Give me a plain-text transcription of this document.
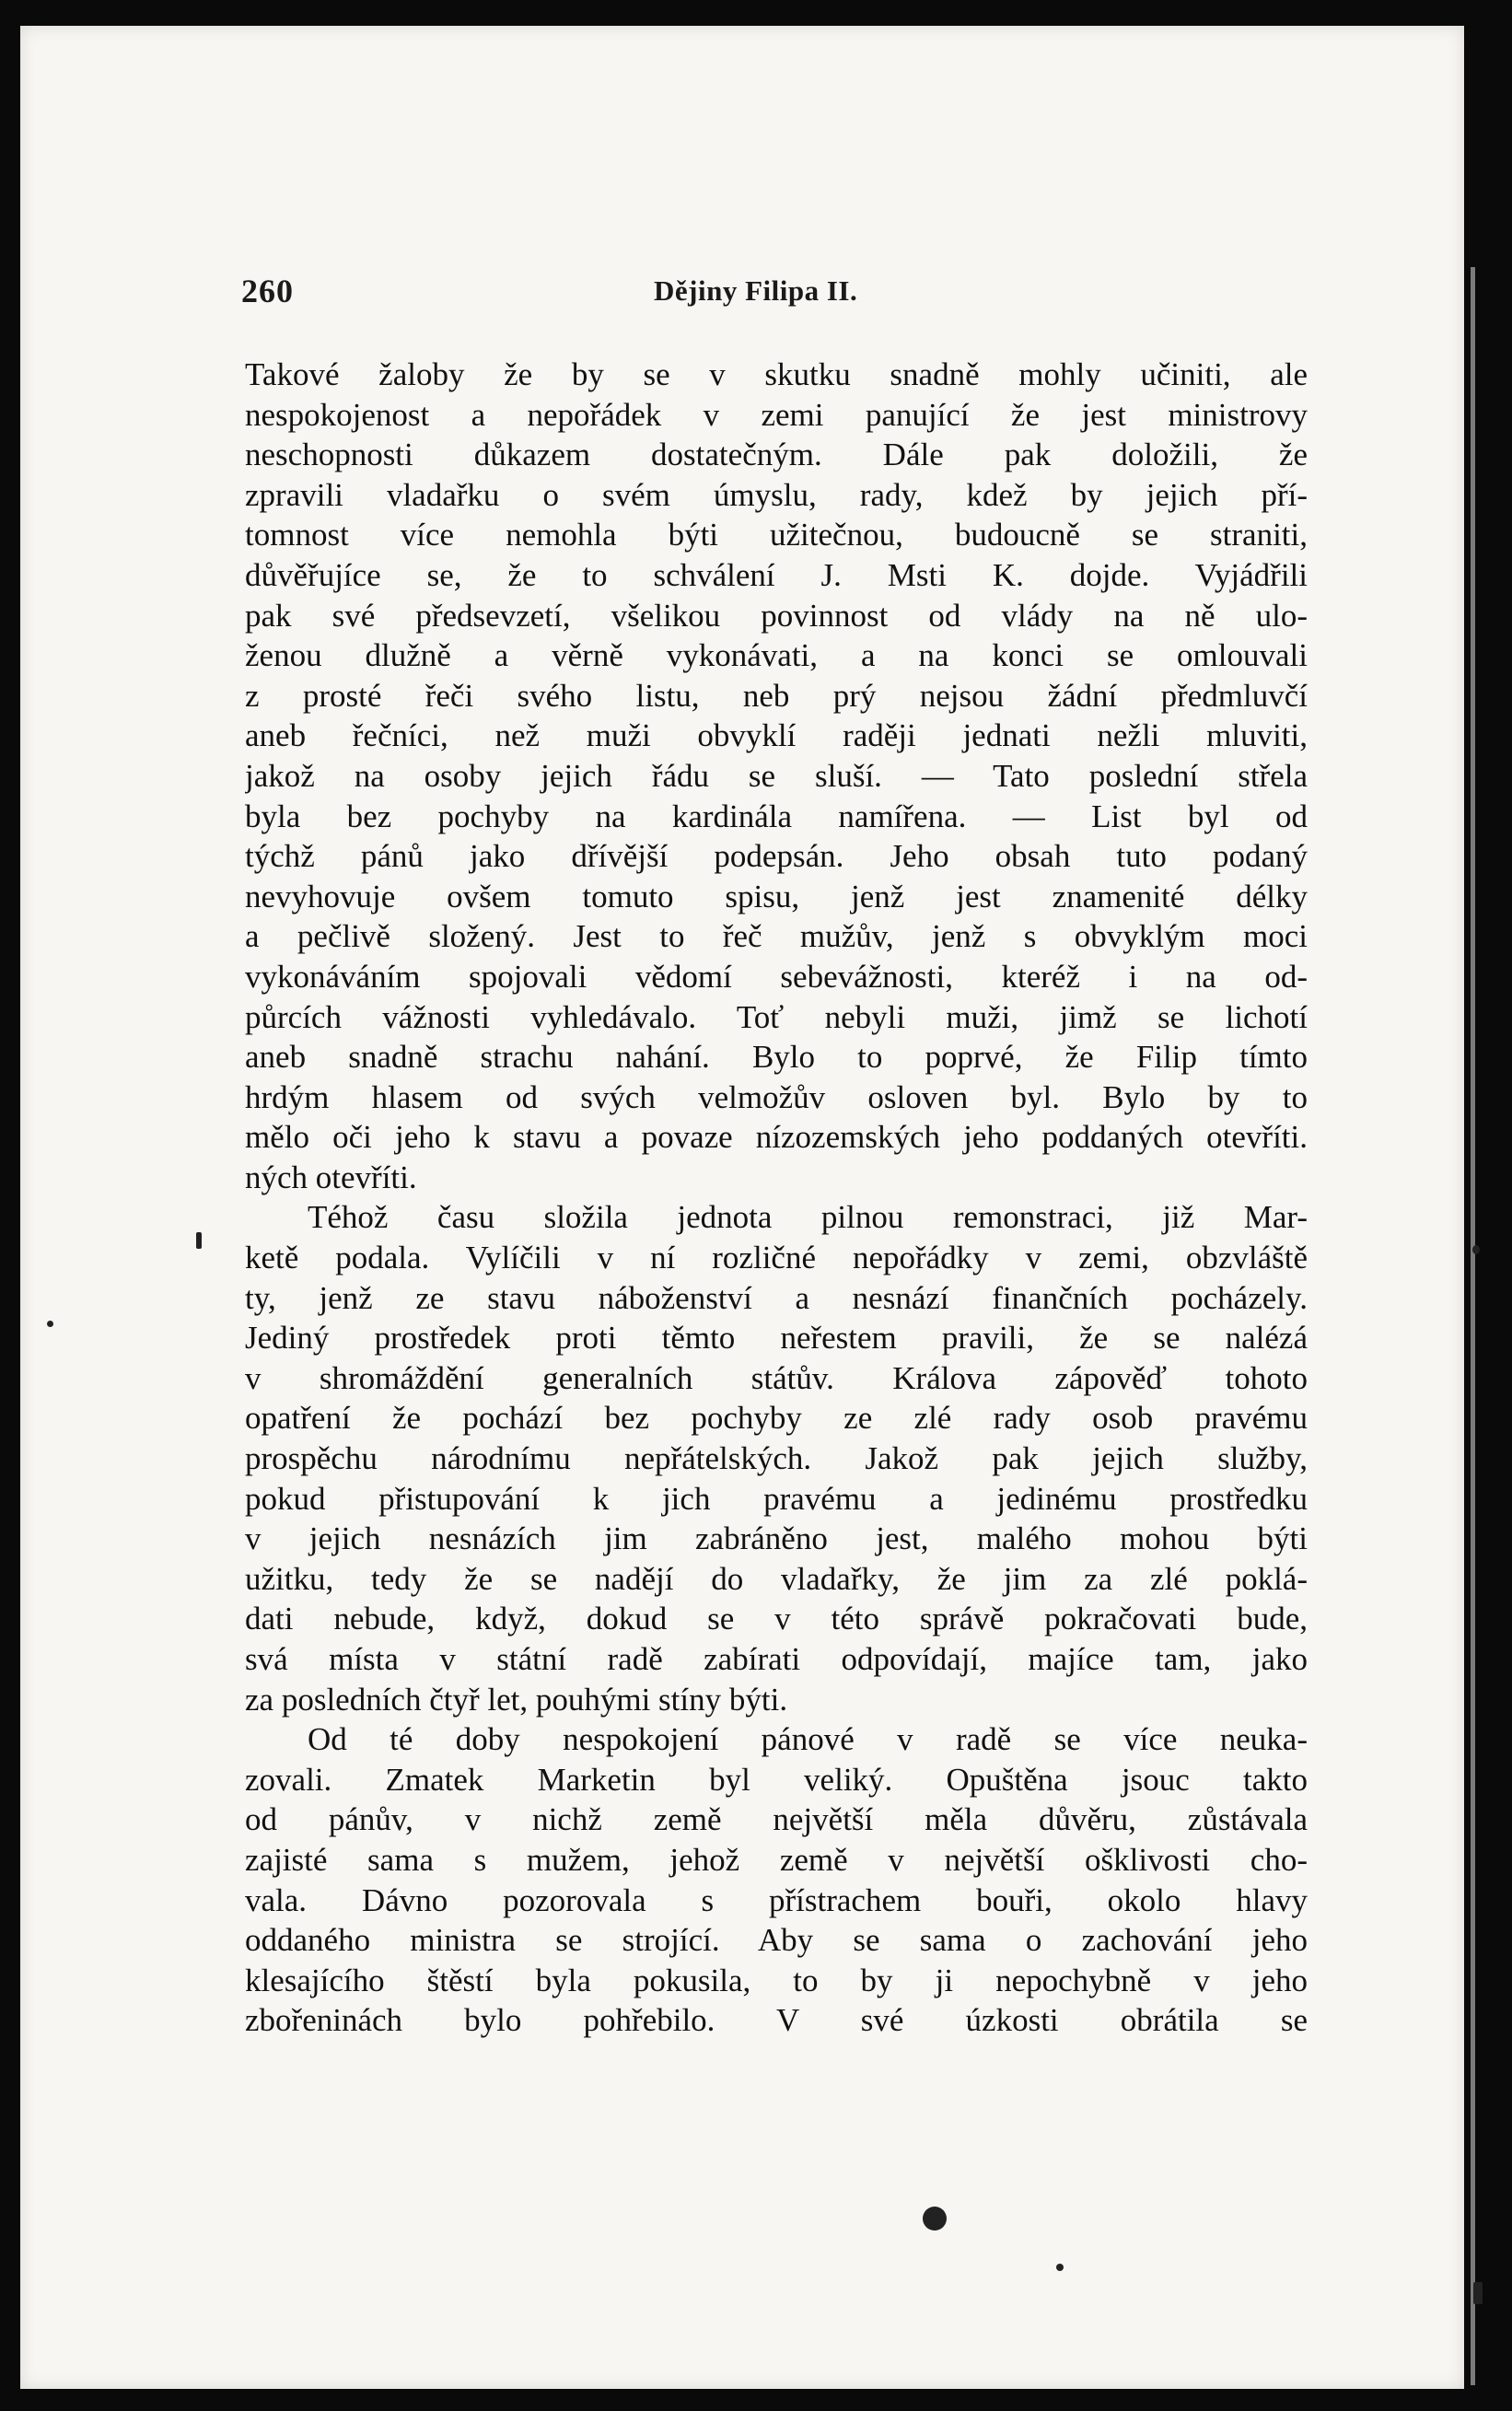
260	Dějiny Filipa II.
Takové žaloby že by se v skutku snadně mohly učiniti, ale
nespokojenost a nepořádek v zemi panující že jest ministrovy
neschopnosti důkazem dostatečným. Dále pak doložili, že
zpravili vladařku o svém úmyslu, rady, kdež by jejich pří-
tomnost více nemohla býti užitečnou, budoucně se straniti,
důvěřujíce se, že to schválení J. Msti K. dojde. Vyjádřili
pak své předsevzetí, všelikou povinnost od vlády na ně ulo-
ženou dlužně a věrně vykonávati, a na konci se omlouvali
z prosté řeči svého listu, neb prý nejsou žádní předmluvčí
aneb řečníci, než muži obvyklí raději jednati nežli mluviti,
jakož na osoby jejich řádu se sluší. — Tato poslední střela
byla bez pochyby na kardinála namířena. — List byl od
týchž pánů jako dřívější podepsán. Jeho obsah tuto podaný
nevyhovuje ovšem tomuto spisu, jenž jest znamenité délky
a pečlivě složený. Jest to řeč mužův, jenž s obvyklým moci
vykonáváním spojovali vědomí sebevážnosti, kteréž i na od-
půrcích vážnosti vyhledávalo. Toť nebyli muži, jimž se lichotí
aneb snadně strachu nahání. Bylo to poprvé, že Filip tímto
hrdým hlasem od svých velmožův osloven byl. Bylo by to
mělo oči jeho k stavu a povaze nízozemských jeho poddaných otevříti.
ných otevříti.
Téhož času složila jednota pilnou remonstraci, již Mar-
ketě podala. Vylíčili v ní rozličné nepořádky v zemi, obzvláště
ty, jenž ze stavu náboženství a nesnází finančních pocházely.
Jediný prostředek proti těmto neřestem pravili, že se nalézá
v shromáždění generalních státův. Králova zápověď tohoto
opatření že pochází bez pochyby ze zlé rady osob pravému
prospěchu národnímu nepřátelských. Jakož pak jejich služby,
pokud přistupování k jich pravému a jedinému prostředku
v jejich nesnázích jim zabráněno jest, malého mohou býti
užitku, tedy že se nadějí do vladařky, že jim za zlé poklá-
dati nebude, když, dokud se v této správě pokračovati bude,
svá místa v státní radě zabírati odpovídají, majíce tam, jako
za posledních čtyř let, pouhými stíny býti.
Od té doby nespokojení pánové v radě se více neuka-
zovali. Zmatek Marketin byl veliký. Opuštěna jsouc takto
od pánův, v nichž země největší měla důvěru, zůstávala
zajisté sama s mužem, jehož země v největší ošklivosti cho-
vala. Dávno pozorovala s přístrachem bouři, okolo hlavy
oddaného ministra se strojící. Aby se sama o zachování jeho
klesajícího štěstí byla pokusila, to by ji nepochybně v jeho
zbořeninách bylo pohřebilo. V své úzkosti obrátila se
